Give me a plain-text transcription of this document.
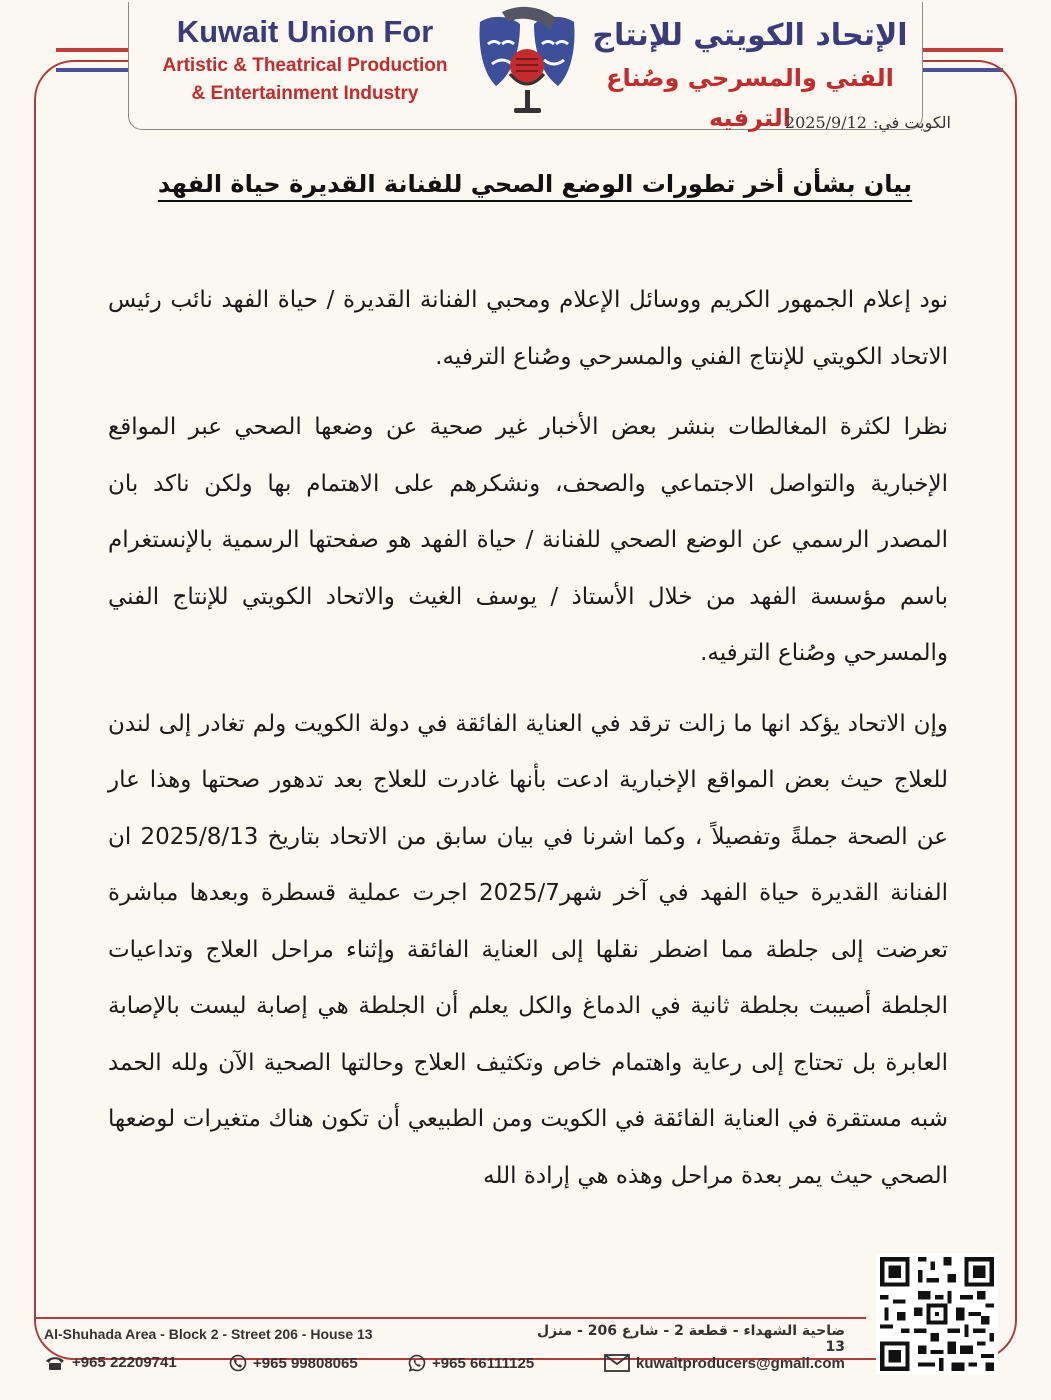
Kuwait Union For
Artistic & Theatrical Production
& Entertainment Industry
الإتحاد الكويتي للإنتاج
الفني والمسرحي وصُناع الترفيه	الكويت في:2025/9/12
بيان بشأن أخر تطورات الوضع الصحي للفنانة القديرة حياة الفهد

نود إعلام الجمهور الكريم ووسائل الإعلام ومحبي الفنانة القديرة / حياة الفهد نائب رئيس الاتحاد الكويتي للإنتاج الفني والمسرحي وصُناع الترفيه.

نظرا لكثرة المغالطات بنشر بعض الأخبار غير صحية عن وضعها الصحي عبر المواقع الإخبارية والتواصل الاجتماعي والصحف، ونشكرهم على الاهتمام بها ولكن ناكد بان المصدر الرسمي عن الوضع الصحي للفنانة / حياة الفهد هو صفحتها الرسمية بالإنستغرام باسم مؤسسة الفهد من خلال الأستاذ / يوسف الغيث والاتحاد الكويتي للإنتاج الفني والمسرحي وصُناع الترفيه.

وإن الاتحاد يؤكد انها ما زالت ترقد في العناية الفائقة في دولة الكويت ولم تغادر إلى لندن للعلاج حيث بعض المواقع الإخبارية ادعت بأنها غادرت للعلاج بعد تدهور صحتها وهذا عار عن الصحة جملةً وتفصيلاً ، وكما اشرنا في بيان سابق من الاتحاد بتاريخ 2025/8/13 ان الفنانة القديرة حياة الفهد في آخر شهر2025/7 اجرت عملية قسطرة وبعدها مباشرة تعرضت إلى جلطة مما اضطر نقلها إلى العناية الفائقة وإثناء مراحل العلاج وتداعيات الجلطة أصيبت بجلطة ثانية في الدماغ والكل يعلم أن الجلطة هي إصابة ليست بالإصابة العابرة بل تحتاج إلى رعاية واهتمام خاص وتكثيف العلاج وحالتها الصحية الآن ولله الحمد شبه مستقرة في العناية الفائقة في الكويت ومن الطبيعي أن تكون هناك متغيرات لوضعها الصحي حيث يمر بعدة مراحل وهذه هي إرادة الله

Al-Shuhada Area - Block 2 - Street 206 - House 13	ضاحية الشهداء - قطعة 2 - شارع 206 - منزل 13
+965 22209741	+965 99808065	+965 66111125	kuwaitproducers@gmail.com
